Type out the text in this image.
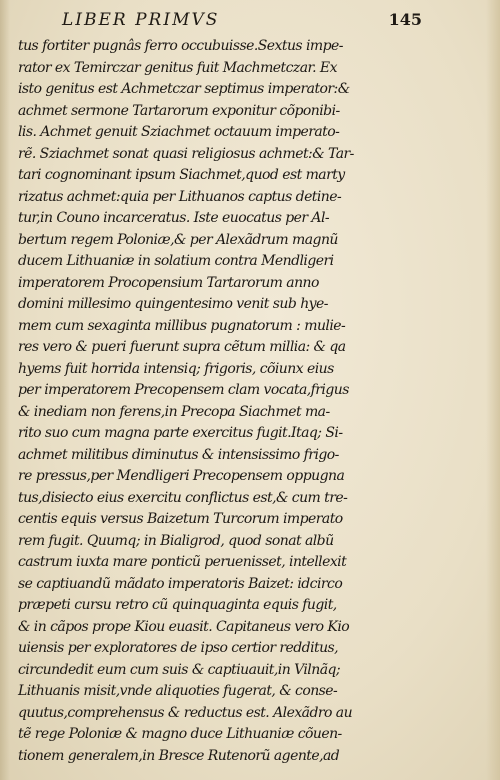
LIBER PRIMVS	145
tus fortiter pugnâs ferro occubuisse.Sextus impe-
rator ex Temirczar genitus fuit Machmetczar. Ex
isto genitus est Achmetczar septimus imperator:&
achmet sermone Tartarorum exponitur cõponibi-
lis. Achmet genuit Sziachmet octauum imperato-
rẽ. Sziachmet sonat quasi religiosus achmet:& Tar-
tari cognominant ipsum Siachmet,quod est marty
rizatus achmet:quia per Lithuanos captus detine-
tur,in Couno incarceratus. Iste euocatus per Al-
bertum regem Poloniæ,& per Alexãdrum magnũ
ducem Lithuaniæ in solatium contra Mendligeri
imperatorem Procopensium Tartarorum anno
domini millesimo quingentesimo venit sub hye-
mem cum sexaginta millibus pugnatorum : mulie-
res vero & pueri fuerunt supra cẽtum millia: & qa
hyems fuit horrida intensiq; frigoris, cõiunx eius
per imperatorem Precopensem clam vocata,frigus
& inediam non ferens,in Precopa Siachmet ma-
rito suo cum magna parte exercitus fugit.Itaq; Si-
achmet militibus diminutus & intensissimo frigo-
re pressus,per Mendligeri Precopensem oppugna
tus,disiecto eius exercitu conflictus est,& cum tre-
centis equis versus Baizetum Turcorum imperato
rem fugit. Quumq; in Bialigrod, quod sonat albũ
castrum iuxta mare ponticũ peruenisset, intellexit
se captiuandũ mãdato imperatoris Baizet: idcirco
præpeti cursu retro cũ quinquaginta equis fugit,
& in cãpos prope Kiou euasit. Capitaneus vero Kio
uiensis per exploratores de ipso certior redditus,
circundedit eum cum suis & captiuauit,in Vilnãq;
Lithuanis misit,vnde aliquoties fugerat, & conse-
quutus,comprehensus & reductus est. Alexãdro au
tẽ rege Poloniæ & magno duce Lithuaniæ cõuen-
tionem generalem,in Bresce Rutenorũ agente,ad
